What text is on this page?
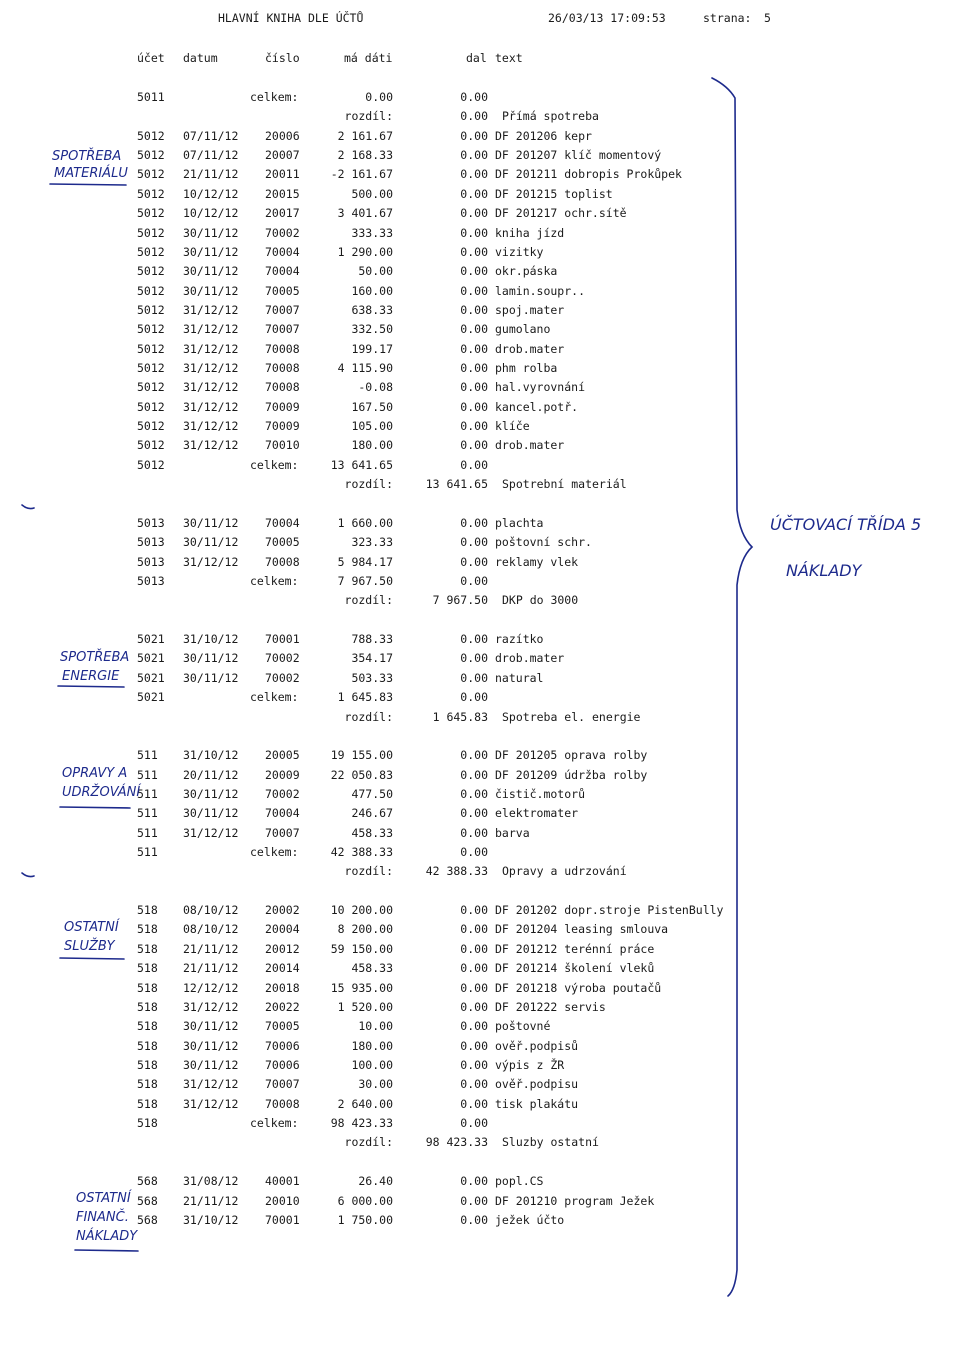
HLAVNÍ KNIHA DLE ÚČTŮ	26/03/13 17:09:53	strana: 5
účet datum	číslo	má dáti	dal text
5011	celkem:	0.00	0.00
rozdíl:	0.00 Přímá spotreba
5012	07/11/12	20006	2 161.67	0.00 DF 201206 kepr
5012	07/11/12	20007	2 168.33	0.00 DF 201207 klíč momentový
5012	21/11/12	20011	-2 161.67	0.00 DF 201211 dobropis Prokůpek
5012	10/12/12	20015	500.00	0.00 DF 201215 toplist
5012	10/12/12	20017	3 401.67	0.00 DF 201217 ochr.sítě
5012	30/11/12	70002	333.33	0.00 kniha jízd
5012	30/11/12	70004	1 290.00	0.00 vizitky
5012	30/11/12	70004	50.00	0.00 okr.páska
5012	30/11/12	70005	160.00	0.00 lamin.soupr..
5012	31/12/12	70007	638.33	0.00 spoj.mater
5012	31/12/12	70007	332.50	0.00 gumolano
5012	31/12/12	70008	199.17	0.00 drob.mater
5012	31/12/12	70008	4 115.90	0.00 phm rolba
5012	31/12/12	70008	-0.08	0.00 hal.vyrovnání
5012	31/12/12	70009	167.50	0.00 kancel.potř.
5012	31/12/12	70009	105.00	0.00 klíče
5012	31/12/12	70010	180.00	0.00 drob.mater
5012	celkem:	13 641.65	0.00
rozdíl:	13 641.65 Spotrební materiál
5013	30/11/12	70004	1 660.00	0.00 plachta
5013	30/11/12	70005	323.33	0.00 poštovní schr.
5013	31/12/12	70008	5 984.17	0.00 reklamy vlek
5013	celkem:	7 967.50	0.00
rozdíl:	7 967.50 DKP do 3000
5021	31/10/12	70001	788.33	0.00 razítko
5021	30/11/12	70002	354.17	0.00 drob.mater
5021	30/11/12	70002	503.33	0.00 natural
5021	celkem:	1 645.83	0.00
rozdíl:	1 645.83 Spotreba el. energie
511	31/10/12	20005	19 155.00	0.00 DF 201205 oprava rolby
511	20/11/12	20009	22 050.83	0.00 DF 201209 údržba rolby
511	30/11/12	70002	477.50	0.00 čistič.motorů
511	30/11/12	70004	246.67	0.00 elektromater
511	31/12/12	70007	458.33	0.00 barva
511	celkem:	42 388.33	0.00
rozdíl:	42 388.33 Opravy a udrzování
518	08/10/12	20002	10 200.00	0.00 DF 201202 dopr.stroje PistenBully
518	08/10/12	20004	8 200.00	0.00 DF 201204 leasing smlouva
518	21/11/12	20012	59 150.00	0.00 DF 201212 terénní práce
518	21/11/12	20014	458.33	0.00 DF 201214 školení vleků
518	12/12/12	20018	15 935.00	0.00 DF 201218 výroba poutačů
518	31/12/12	20022	1 520.00	0.00 DF 201222 servis
518	30/11/12	70005	10.00	0.00 poštovné
518	30/11/12	70006	180.00	0.00 ověř.podpisů
518	30/11/12	70006	100.00	0.00 výpis z ŽR
518	31/12/12	70007	30.00	0.00 ověř.podpisu
518	31/12/12	70008	2 640.00	0.00 tisk plakátu
518	celkem:	98 423.33	0.00
rozdíl:	98 423.33 Sluzby ostatní
568	31/08/12	40001	26.40	0.00 popl.CS
568	21/11/12	20010	6 000.00	0.00 DF 201210 program Ježek
568	31/10/12	70001	1 750.00	0.00 ježek účto
SPOTŘEBA
MATERIÁLU
SPOTŘEBA
ENERGIE
OPRAVY A
UDRŽOVÁNÍ
OSTATNÍ
SLUŽBY
OSTATNÍ
FINANČ.
NÁKLADY
ÚČTOVACÍ TŘÍDA 5
NÁKLADY
